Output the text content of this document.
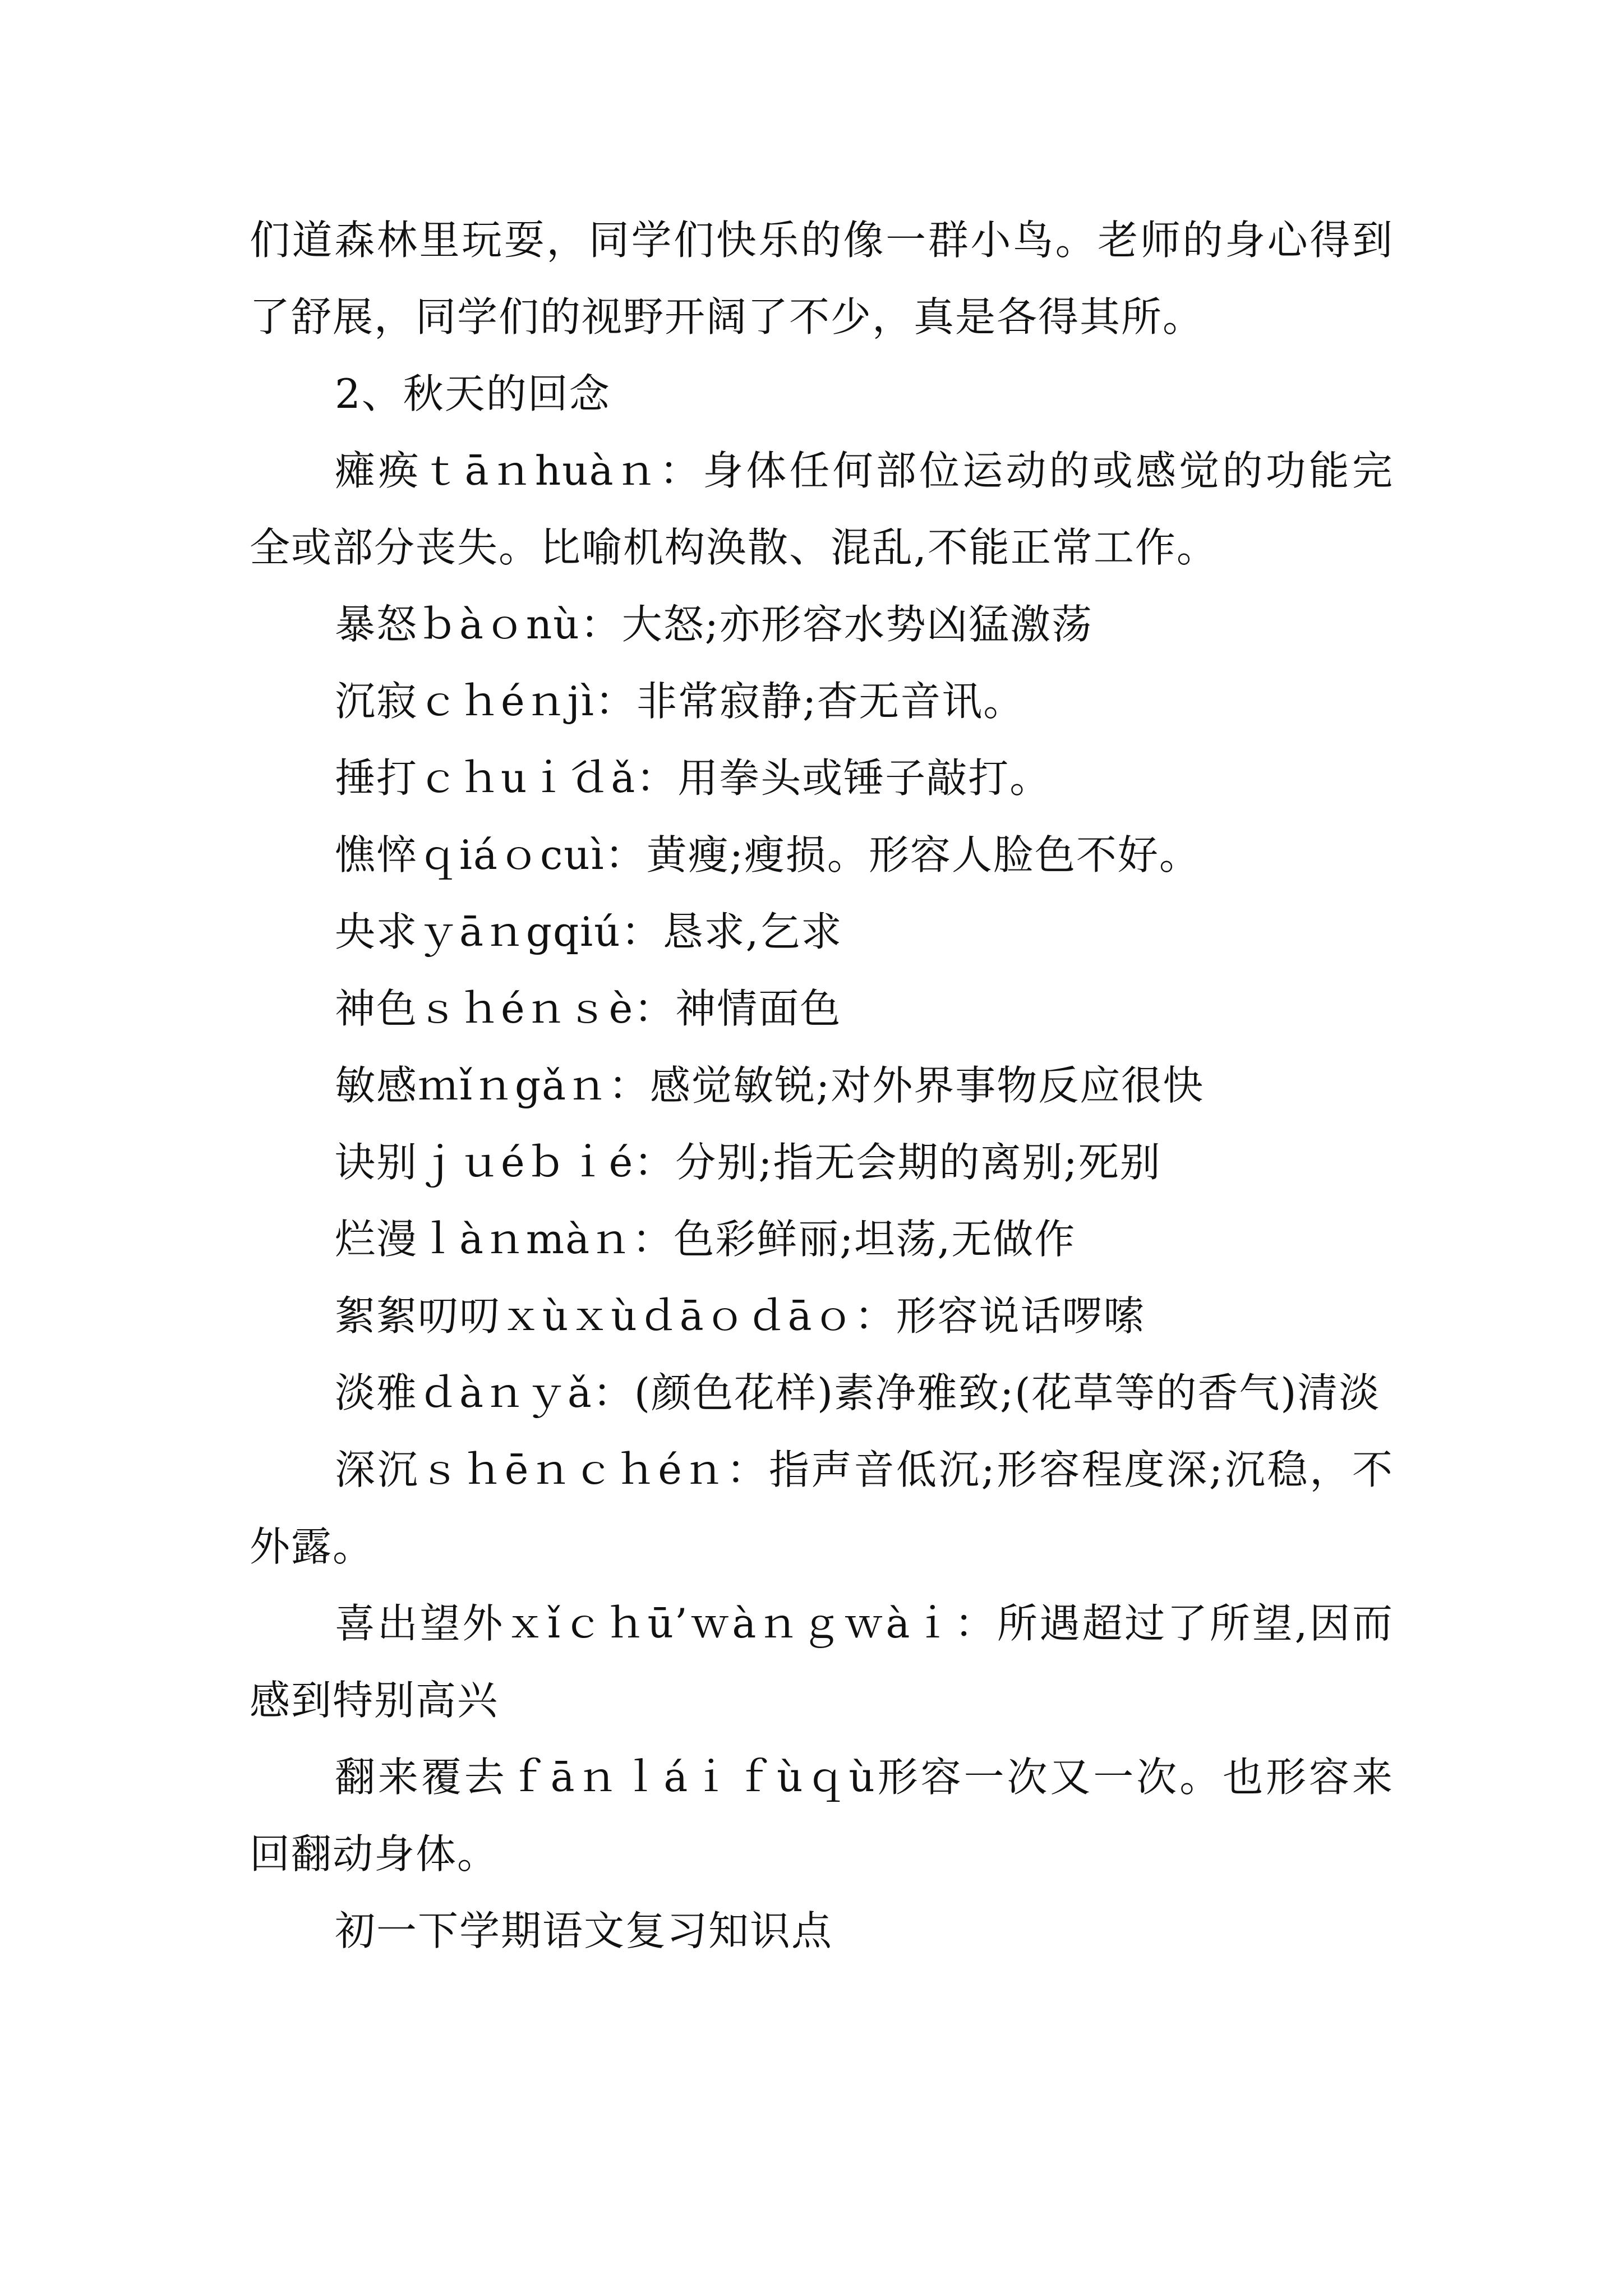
们道森林里玩耍，同学们快乐的像一群小鸟。老师的身心得到了舒展，同学们的视野开阔了不少，真是各得其所。

2、秋天的回念

瘫痪ｔāｎhuàｎ：身体任何部位运动的或感觉的功能完全或部分丧失。比喻机构涣散、混乱,不能正常工作。

暴怒ｂàｏnù：大怒;亦形容水势凶猛激荡

沉寂ｃｈéｎjì：非常寂静;杳无音讯。

捶打ｃｈuｉ́ｄǎ：用拳头或锤子敲打。

憔悴ｑiáｏcuì：黄瘦;瘦损。形容人脸色不好。

央求ｙāｎgqiú：恳求,乞求

神色ｓｈéｎｓè：神情面色

敏感ｍǐｎgǎｎ：感觉敏锐;对外界事物反应很快

诀别ｊｕéｂｉé：分别;指无会期的离别;死别

烂漫ｌàｎmàｎ：色彩鲜丽;坦荡,无做作

絮絮叨叨ｘùｘùｄāｏｄāｏ：形容说话啰嗦

淡雅ｄàｎｙǎ：(颜色花样)素净雅致;(花草等的香气)清淡

深沉ｓｈēｎｃｈéｎ：指声音低沉;形容程度深;沉稳，不外露。

喜出望外ｘǐｃｈū’ｗàｎｇｗàｉ：所遇超过了所望,因而感到特别高兴

翻来覆去ｆāｎｌáｉｆùｑù形容一次又一次。也形容来回翻动身体。

初一下学期语文复习知识点
